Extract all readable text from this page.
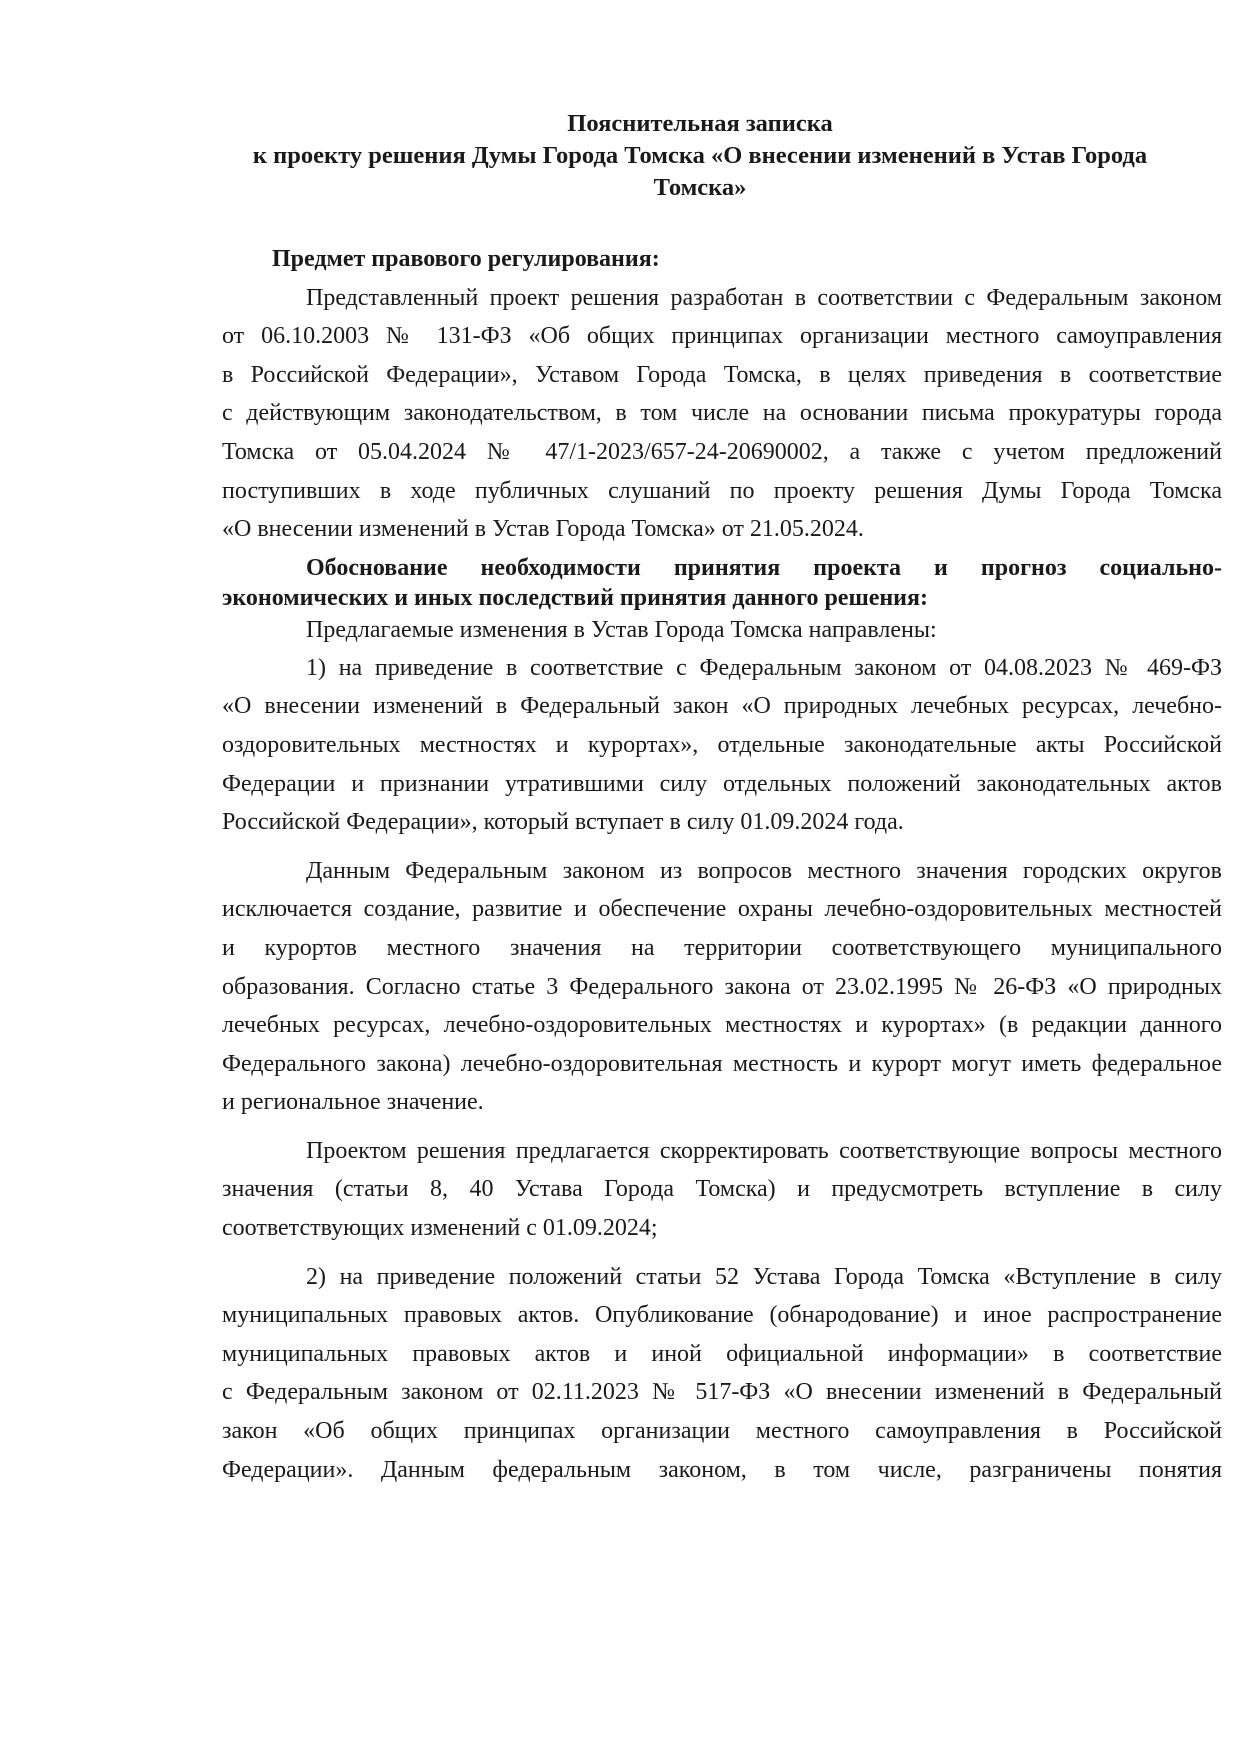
Пояснительная записка
к проекту решения Думы Города Томска «О внесении изменений в Устав Города
Томска»
Предмет правового регулирования:
Представленный проект решения разработан в соответствии с Федеральным законом
от 06.10.2003 № 131-ФЗ «Об общих принципах организации местного самоуправления
в Российской Федерации», Уставом Города Томска, в целях приведения в соответствие
с действующим законодательством, в том числе на основании письма прокуратуры города
Томска от 05.04.2024 № 47/1-2023/657-24-20690002, а также с учетом предложений
поступивших в ходе публичных слушаний по проекту решения Думы Города Томска
«О внесении изменений в Устав Города Томска» от 21.05.2024.
Обоснование необходимости принятия проекта и прогноз социально-
экономических и иных последствий принятия данного решения:
Предлагаемые изменения в Устав Города Томска направлены:
1) на приведение в соответствие с Федеральным законом от 04.08.2023 № 469-ФЗ
«О внесении изменений в Федеральный закон «О природных лечебных ресурсах, лечебно-
оздоровительных местностях и курортах», отдельные законодательные акты Российской
Федерации и признании утратившими силу отдельных положений законодательных актов
Российской Федерации», который вступает в силу 01.09.2024 года.
Данным Федеральным законом из вопросов местного значения городских округов
исключается создание, развитие и обеспечение охраны лечебно-оздоровительных местностей
и курортов местного значения на территории соответствующего муниципального
образования. Согласно статье 3 Федерального закона от 23.02.1995 № 26-ФЗ «О природных
лечебных ресурсах, лечебно-оздоровительных местностях и курортах» (в редакции данного
Федерального закона) лечебно-оздоровительная местность и курорт могут иметь федеральное
и региональное значение.
Проектом решения предлагается скорректировать соответствующие вопросы местного
значения (статьи 8, 40 Устава Города Томска) и предусмотреть вступление в силу
соответствующих изменений с 01.09.2024;
2) на приведение положений статьи 52 Устава Города Томска «Вступление в силу
муниципальных правовых актов. Опубликование (обнародование) и иное распространение
муниципальных правовых актов и иной официальной информации» в соответствие
с Федеральным законом от 02.11.2023 № 517-ФЗ «О внесении изменений в Федеральный
закон «Об общих принципах организации местного самоуправления в Российской
Федерации». Данным федеральным законом, в том числе, разграничены понятия
